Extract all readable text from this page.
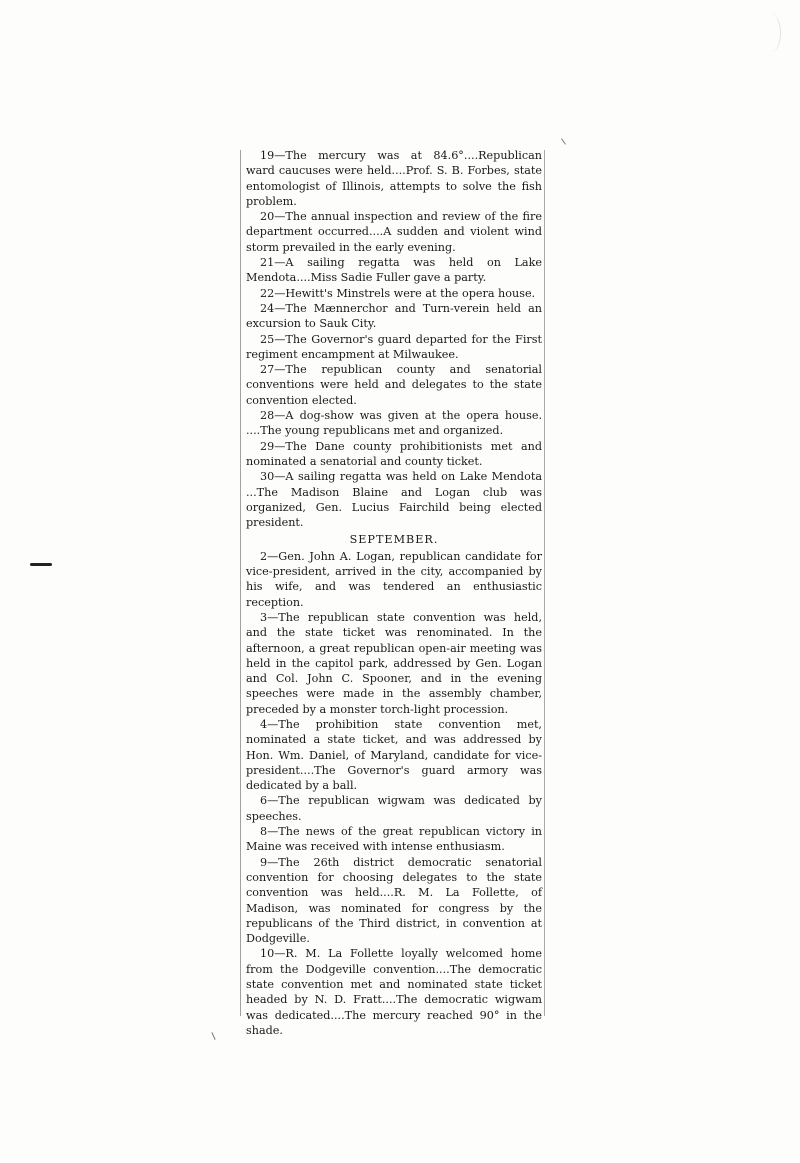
19—The mercury was at 84.6°....Republican ward caucuses were held....Prof. S. B. Forbes, state entomologist of Illinois, attempts to solve the fish problem.

20—The annual inspection and review of the fire department occurred....A sudden and violent wind storm prevailed in the early evening.

21—A sailing regatta was held on Lake Mendota....Miss Sadie Fuller gave a party.

22—Hewitt's Minstrels were at the opera house.

24—The Mænnerchor and Turn-verein held an excursion to Sauk City.

25—The Governor's guard departed for the First regiment encampment at Milwaukee.

27—The republican county and senatorial conventions were held and delegates to the state convention elected.

28—A dog-show was given at the opera house. ....The young republicans met and organized.

29—The Dane county prohibitionists met and nominated a senatorial and county ticket.

30—A sailing regatta was held on Lake Mendota ...The Madison Blaine and Logan club was organized, Gen. Lucius Fairchild being elected president.

SEPTEMBER.

2—Gen. John A. Logan, republican candidate for vice-president, arrived in the city, accompanied by his wife, and was tendered an enthusiastic reception.

3—The republican state convention was held, and the state ticket was renominated. In the afternoon, a great republican open-air meeting was held in the capitol park, addressed by Gen. Logan and Col. John C. Spooner, and in the evening speeches were made in the assembly chamber, preceded by a monster torch-light procession.

4—The prohibition state convention met, nominated a state ticket, and was addressed by Hon. Wm. Daniel, of Maryland, candidate for vice-president....The Governor's guard armory was dedicated by a ball.

6—The republican wigwam was dedicated by speeches.

8—The news of the great republican victory in Maine was received with intense enthusiasm.

9—The 26th district democratic senatorial convention for choosing delegates to the state convention was held....R. M. La Follette, of Madison, was nominated for congress by the republicans of the Third district, in convention at Dodgeville.

10—R. M. La Follette loyally welcomed home from the Dodgeville convention....The democratic state convention met and nominated state ticket headed by N. D. Fratt....The democratic wigwam was dedicated....The mercury reached 90° in the shade.
